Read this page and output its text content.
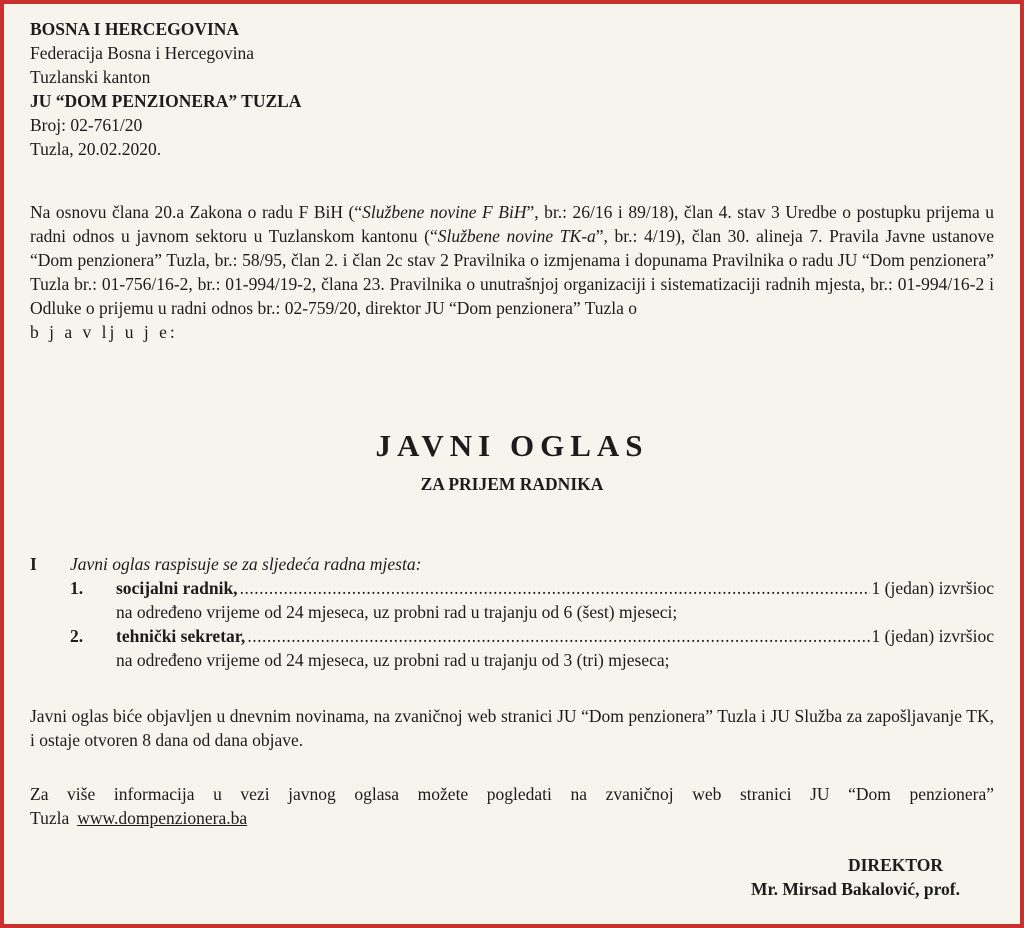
BOSNA I HERCEGOVINA
Federacija Bosna i Hercegovina
Tuzlanski kanton
JU “DOM PENZIONERA” TUZLA
Broj: 02-761/20
Tuzla, 20.02.2020.

Na osnovu člana 20.a Zakona o radu F BiH (“Službene novine F BiH”, br.: 26/16 i 89/18), član 4. stav 3 Uredbe o postupku prijema u radni odnos u javnom sektoru u Tuzlanskom kantonu (“Službene novine TK-a”, br.: 4/19), član 30. alineja 7. Pravila Javne ustanove “Dom penzionera” Tuzla, br.: 58/95, član 2. i član 2c stav 2 Pravilnika o izmjenama i dopunama Pravilnika o radu JU “Dom penzionera” Tuzla br.: 01-756/16-2, br.: 01-994/19-2, člana 23. Pravilnika o unutrašnjoj organizaciji i sistematizaciji radnih mjesta, br.: 01-994/16-2 i Odluke o prijemu u radni odnos br.: 02-759/20, direktor JU “Dom penzionera” Tuzla o

b j a v lj u j e:

JAVNI OGLAS
ZA PRIJEM RADNIKA
I	Javni oglas raspisuje se za sljedeća radna mjesta:
1.	socijalni radnik, .....	1 (jedan) izvršioc
na određeno vrijeme od 24 mjeseca, uz probni rad u trajanju od 6 (šest) mjeseci;
2.	tehnički sekretar, .....	1 (jedan) izvršioc
na određeno vrijeme od 24 mjeseca, uz probni rad u trajanju od 3 (tri) mjeseca;

Javni oglas biće objavljen u dnevnim novinama, na zvaničnoj web stranici JU “Dom penzionera” Tuzla i JU Služba za zapošljavanje TK, i ostaje otvoren 8 dana od dana objave.

Za više informacija u vezi javnog oglasa možete pogledati na zvaničnoj web stranici JU “Dom penzionera” Tuzla www.dompenzionera.ba

DIREKTOR
Mr. Mirsad Bakalović, prof.
